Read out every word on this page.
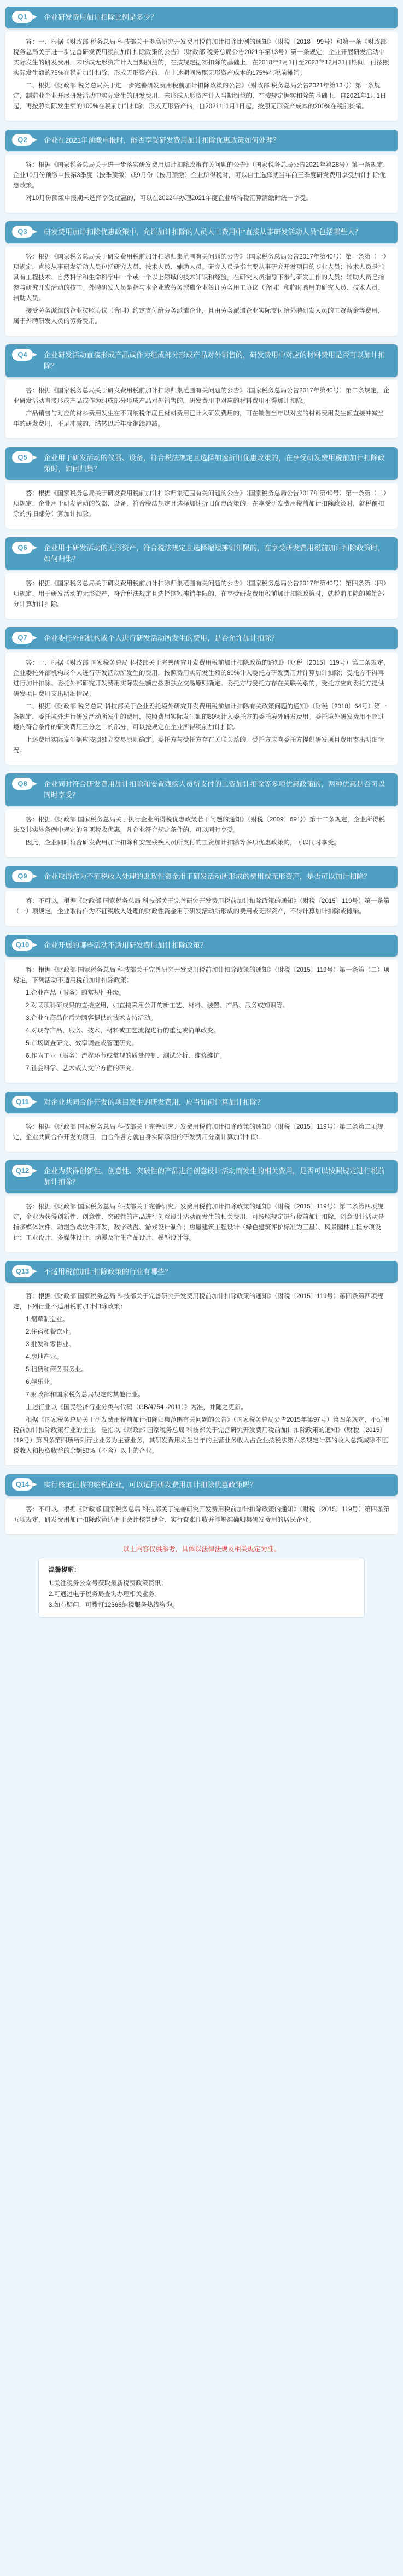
Q1	企业研发费用加计扣除比例是多少？

答：一、根据《财政部 税务总局 科技部关于提高研究开发费用税前加计扣除比例的通知》（财税〔2018〕99号）和第一条《财政部 税务总局关于进一步完善研发费用税前加计扣除政策的公告》（财政部 税务总局公告2021年第13号）第一条规定，企业开展研发活动中实际发生的研发费用，未形成无形资产计入当期损益的，在按规定据实扣除的基础上，在2018年1月1日至2023年12月31日期间，再按照实际发生额的75%在税前加计扣除；形成无形资产的，在上述期间按照无形资产成本的175%在税前摊销。

二、根据《财政部 税务总局关于进一步完善研发费用税前加计扣除政策的公告》（财政部 税务总局公告2021年第13号）第一条规定，制造业企业开展研发活动中实际发生的研发费用，未形成无形资产计入当期损益的，在按规定据实扣除的基础上，自2021年1月1日起，再按照实际发生额的100%在税前加计扣除；形成无形资产的，自2021年1月1日起，按照无形资产成本的200%在税前摊销。

Q2	企业在2021年预缴申报时，能否享受研发费用加计扣除优惠政策如何处理？

答：根据《国家税务总局关于进一步落实研发费用加计扣除政策有关问题的公告》（国家税务总局公告2021年第28号）第一条规定，企业10月份预缴申报第3季度（按季预缴）或9月份（按月预缴）企业所得税时，可以自主选择就当年前三季度研发费用享受加计扣除优惠政策。

对10月份预缴申报期未选择享受优惠的，可以在2022年办理2021年度企业所得税汇算清缴时统一享受。

Q3	研发费用加计扣除优惠政策中，允许加计扣除的人员人工费用中"直接从事研发活动人员"包括哪些人？

答：根据《国家税务总局关于研发费用税前加计扣除归集范围有关问题的公告》（国家税务总局公告2017年第40号）第一条第（一）项规定，直接从事研发活动人员包括研究人员、技术人员、辅助人员。研究人员是指主要从事研究开发项目的专业人员；技术人员是指具有工程技术、自然科学和生命科学中一个或一个以上领域的技术知识和经验，在研究人员指导下参与研发工作的人员；辅助人员是指参与研究开发活动的技工。外聘研发人员是指与本企业或劳务派遣企业签订劳务用工协议（合同）和临时聘用的研究人员、技术人员、辅助人员。

接受劳务派遣的企业按照协议（合同）约定支付给劳务派遣企业，且由劳务派遣企业实际支付给外聘研发人员的工资薪金等费用，属于外聘研发人员的劳务费用。

Q4	企业研发活动直接形成产品或作为组成部分形成产品对外销售的，研发费用中对应的材料费用是否可以加计扣除？

答：根据《国家税务总局关于研发费用税前加计扣除归集范围有关问题的公告》（国家税务总局公告2017年第40号）第二条规定，企业研发活动直接形成产品或作为组成部分形成产品对外销售的，研发费用中对应的材料费用不得加计扣除。

产品销售与对应的材料费用发生在不同纳税年度且材料费用已计入研发费用的，可在销售当年以对应的材料费用发生额直接冲减当年的研发费用，不足冲减的，结转以后年度继续冲减。

Q5	企业用于研发活动的仪器、设备，符合税法规定且选择加速折旧优惠政策的，在享受研发费用税前加计扣除政策时，如何归集？

答：根据《国家税务总局关于研发费用税前加计扣除归集范围有关问题的公告》（国家税务总局公告2017年第40号）第一条第（二）项规定，企业用于研发活动的仪器、设备，符合税法规定且选择加速折旧优惠政策的，在享受研发费用税前加计扣除政策时，就税前扣除的折旧部分计算加计扣除。

Q6	企业用于研发活动的无形资产，符合税法规定且选择缩短摊销年限的，在享受研发费用税前加计扣除政策时，如何归集？

答：根据《国家税务总局关于研发费用税前加计扣除归集范围有关问题的公告》（国家税务总局公告2017年第40号）第四条第（四）项规定，用于研发活动的无形资产，符合税法规定且选择缩短摊销年限的，在享受研发费用税前加计扣除政策时，就税前扣除的摊销部分计算加计扣除。

Q7	企业委托外部机构或个人进行研发活动所发生的费用，是否允许加计扣除？

答：一、根据《财政部 国家税务总局 科技部关于完善研究开发费用税前加计扣除政策的通知》（财税〔2015〕119号）第二条规定，企业委托外部机构或个人进行研发活动所发生的费用，按照费用实际发生额的80%计入委托方研发费用并计算加计扣除；受托方不得再进行加计扣除。委托外部研究开发费用实际发生额应按照独立交易原则确定。委托方与受托方存在关联关系的，受托方应向委托方提供研发项目费用支出明细情况。

二、根据《财政部 税务总局 科技部关于企业委托境外研究开发费用税前加计扣除有关政策问题的通知》（财税〔2018〕64号）第一条规定，委托境外进行研发活动所发生的费用，按照费用实际发生额的80%计入委托方的委托境外研发费用。委托境外研发费用不超过境内符合条件的研发费用三分之二的部分，可以按规定在企业所得税前加计扣除。

上述费用实际发生额应按照独立交易原则确定。委托方与受托方存在关联关系的，受托方应向委托方提供研发项目费用支出明细情况。

Q8	企业同时符合研发费用加计扣除和安置残疾人员所支付的工资加计扣除等多项优惠政策的，两种优惠是否可以同时享受？

答：根据《财政部 国家税务总局关于执行企业所得税优惠政策若干问题的通知》（财税〔2009〕69号）第十二条规定，企业所得税法及其实施条例中规定的各项税收优惠，凡企业符合规定条件的，可以同时享受。

因此，企业同时符合研发费用加计扣除和安置残疾人员所支付的工资加计扣除等多项优惠政策的，可以同时享受。

Q9	企业取得作为不征税收入处理的财政性资金用于研发活动所形成的费用或无形资产，是否可以加计扣除？

答：不可以。根据《财政部 国家税务总局 科技部关于完善研究开发费用税前加计扣除政策的通知》（财税〔2015〕119号）第一条第（一）项规定，企业取得作为不征税收入处理的财政性资金用于研发活动所形成的费用或无形资产，不得计算加计扣除或摊销。

Q10	企业开展的哪些活动不适用研发费用加计扣除政策？

答：根据《财政部 国家税务总局 科技部关于完善研究开发费用税前加计扣除政策的通知》（财税〔2015〕119号）第一条第（二）项规定，下列活动不适用税前加计扣除政策：

1.企业产品（服务）的常规性升级。

2.对某项科研成果的直接应用，如直接采用公开的新工艺、材料、装置、产品、服务或知识等。

3.企业在商品化后为顾客提供的技术支持活动。

4.对现存产品、服务、技术、材料或工艺流程进行的重复或简单改变。

5.市场调查研究、效率调查或管理研究。

6.作为工业（服务）流程环节或常规的质量控制、测试分析、维修维护。

7.社会科学、艺术或人文学方面的研究。

Q11	对企业共同合作开发的项目发生的研发费用，应当如何计算加计扣除？

答：根据《财政部 国家税务总局 科技部关于完善研究开发费用税前加计扣除政策的通知》（财税〔2015〕119号）第二条第二项规定，企业共同合作开发的项目，由合作各方就自身实际承担的研发费用分别计算加计扣除。

Q12	企业为获得创新性、创意性、突破性的产品进行创意设计活动而发生的相关费用，是否可以按照规定进行税前加计扣除？

答：根据《财政部 国家税务总局 科技部关于完善研究开发费用税前加计扣除政策的通知》（财税〔2015〕119号）第二条第四项规定，企业为获得创新性、创意性、突破性的产品进行创意设计活动而发生的相关费用，可按照规定进行税前加计扣除。创意设计活动是指多媒体软件、动漫游戏软件开发，数字动漫、游戏设计制作；房屋建筑工程设计（绿色建筑评价标准为三星）、风景园林工程专项设计；工业设计、多媒体设计、动漫及衍生产品设计、模型设计等。

Q13	不适用税前加计扣除政策的行业有哪些？

答：根据《财政部 国家税务总局 科技部关于完善研究开发费用税前加计扣除政策的通知》（财税〔2015〕119号）第四条第四项规定，下列行业不适用税前加计扣除政策：

1.烟草制造业。

2.住宿和餐饮业。

3.批发和零售业。

4.房地产业。

5.租赁和商务服务业。

6.娱乐业。

7.财政部和国家税务总局规定的其他行业。

上述行业以《国民经济行业分类与代码（GB/4754 -2011）》为准，并随之更新。

根据《国家税务总局关于研发费用税前加计扣除归集范围有关问题的公告》（国家税务总局公告2015年第97号）第四条规定，不适用税前加计扣除政策行业的企业，是指以《财政部 国家税务总局 科技部关于完善研究开发费用税前加计扣除政策的通知》（财税〔2015〕119号）第四条第四项所列行业业务为主营业务，其研发费用发生当年的主营业务收入占企业按税法第六条规定计算的收入总额减除不征税收入和投资收益的余额50%（不含）以上的企业。

Q14	实行核定征收的纳税企业，可以适用研发费用加计扣除优惠政策吗？

答：不可以。根据《财政部 国家税务总局 科技部关于完善研究开发费用税前加计扣除政策的通知》（财税〔2015〕119号）第四条第五项规定，研发费用加计扣除政策适用于会计核算健全、实行查账征收并能够准确归集研发费用的居民企业。

以上内容仅供参考，具体以法律法规及相关规定为准。
温馨提醒：
1.关注税务公众号获取最新税费政策资讯；
2.可通过电子税务局查询办理相关业务；
3.如有疑问，可拨打12366纳税服务热线咨询。
